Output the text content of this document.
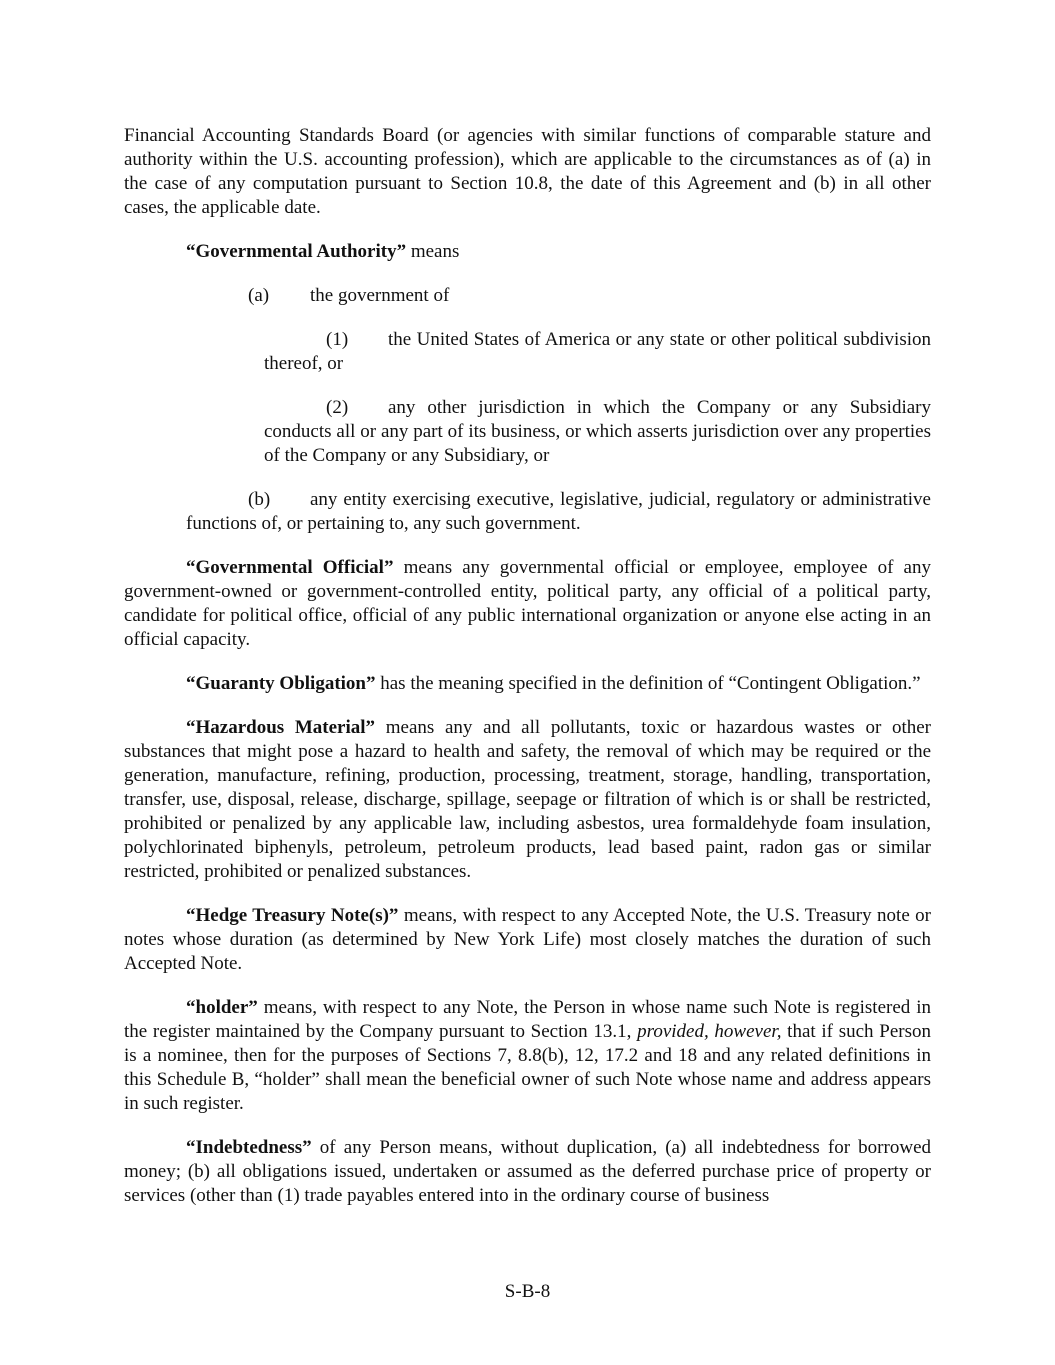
Financial Accounting Standards Board (or agencies with similar functions of comparable stature and authority within the U.S. accounting profession), which are applicable to the circumstances as of (a) in the case of any computation pursuant to Section 10.8, the date of this Agreement and (b) in all other cases, the applicable date.

“Governmental Authority” means

(a) the government of

(1) the United States of America or any state or other political subdivision thereof, or

(2) any other jurisdiction in which the Company or any Subsidiary conducts all or any part of its business, or which asserts jurisdiction over any properties of the Company or any Subsidiary, or

(b) any entity exercising executive, legislative, judicial, regulatory or administrative functions of, or pertaining to, any such government.

“Governmental Official” means any governmental official or employee, employee of any government-owned or government-controlled entity, political party, any official of a political party, candidate for political office, official of any public international organization or anyone else acting in an official capacity.

“Guaranty Obligation” has the meaning specified in the definition of “Contingent Obligation.”

“Hazardous Material” means any and all pollutants, toxic or hazardous wastes or other substances that might pose a hazard to health and safety, the removal of which may be required or the generation, manufacture, refining, production, processing, treatment, storage, handling, transportation, transfer, use, disposal, release, discharge, spillage, seepage or filtration of which is or shall be restricted, prohibited or penalized by any applicable law, including asbestos, urea formaldehyde foam insulation, polychlorinated biphenyls, petroleum, petroleum products, lead based paint, radon gas or similar restricted, prohibited or penalized substances.

“Hedge Treasury Note(s)” means, with respect to any Accepted Note, the U.S. Treasury note or notes whose duration (as determined by New York Life) most closely matches the duration of such Accepted Note.

“holder” means, with respect to any Note, the Person in whose name such Note is registered in the register maintained by the Company pursuant to Section 13.1, provided, however, that if such Person is a nominee, then for the purposes of Sections 7, 8.8(b), 12, 17.2 and 18 and any related definitions in this Schedule B, “holder” shall mean the beneficial owner of such Note whose name and address appears in such register.

“Indebtedness” of any Person means, without duplication, (a) all indebtedness for borrowed money; (b) all obligations issued, undertaken or assumed as the deferred purchase price of property or services (other than (1) trade payables entered into in the ordinary course of business

S-B-8
